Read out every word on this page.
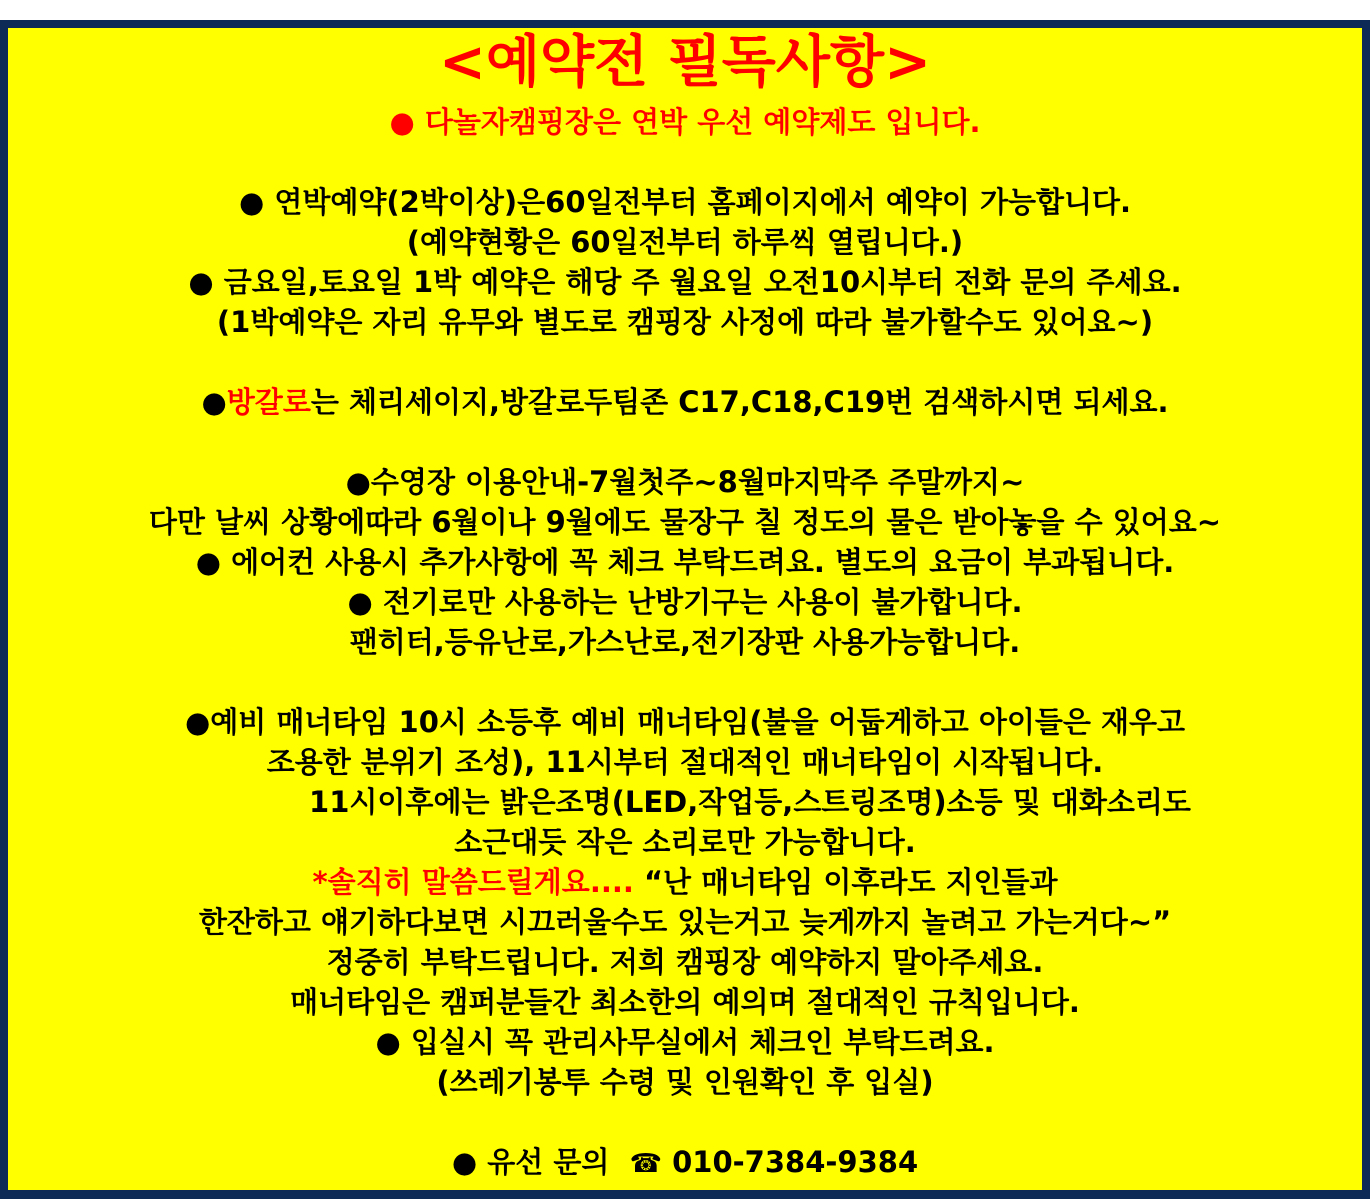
<예약전 필독사항>
● 다놀자캠핑장은 연박 우선 예약제도 입니다.
● 연박예약(2박이상)은60일전부터 홈페이지에서 예약이 가능합니다.
(예약현황은 60일전부터 하루씩 열립니다.)
● 금요일,토요일 1박 예약은 해당 주 월요일 오전10시부터 전화 문의 주세요.
(1박예약은 자리 유무와 별도로 캠핑장 사정에 따라 불가할수도 있어요~)
●방갈로는 체리세이지,방갈로두팀존 C17,C18,C19번 검색하시면 되세요.
●수영장 이용안내-7월첫주~8월마지막주 주말까지~
다만 날씨 상황에따라 6월이나 9월에도 물장구 칠 정도의 물은 받아놓을 수 있어요~
● 에어컨 사용시 추가사항에 꼭 체크 부탁드려요. 별도의 요금이 부과됩니다.
● 전기로만 사용하는 난방기구는 사용이 불가합니다.
팬히터,등유난로,가스난로,전기장판 사용가능합니다.
●예비 매너타임 10시 소등후 예비 매너타임(불을 어둡게하고 아이들은 재우고
조용한 분위기 조성), 11시부터 절대적인 매너타임이 시작됩니다.
11시이후에는 밝은조명(LED,작업등,스트링조명)소등 및 대화소리도
소근대듯 작은 소리로만 가능합니다.
*솔직히 말씀드릴게요.... “난 매너타임 이후라도 지인들과
한잔하고 얘기하다보면 시끄러울수도 있는거고 늦게까지 놀려고 가는거다~”
정중히 부탁드립니다. 저희 캠핑장 예약하지 말아주세요.
매너타임은 캠퍼분들간 최소한의 예의며 절대적인 규칙입니다.
● 입실시 꼭 관리사무실에서 체크인 부탁드려요.
(쓰레기봉투 수령 및 인원확인 후 입실)
● 유선 문의 ☎ 010-7384-9384
